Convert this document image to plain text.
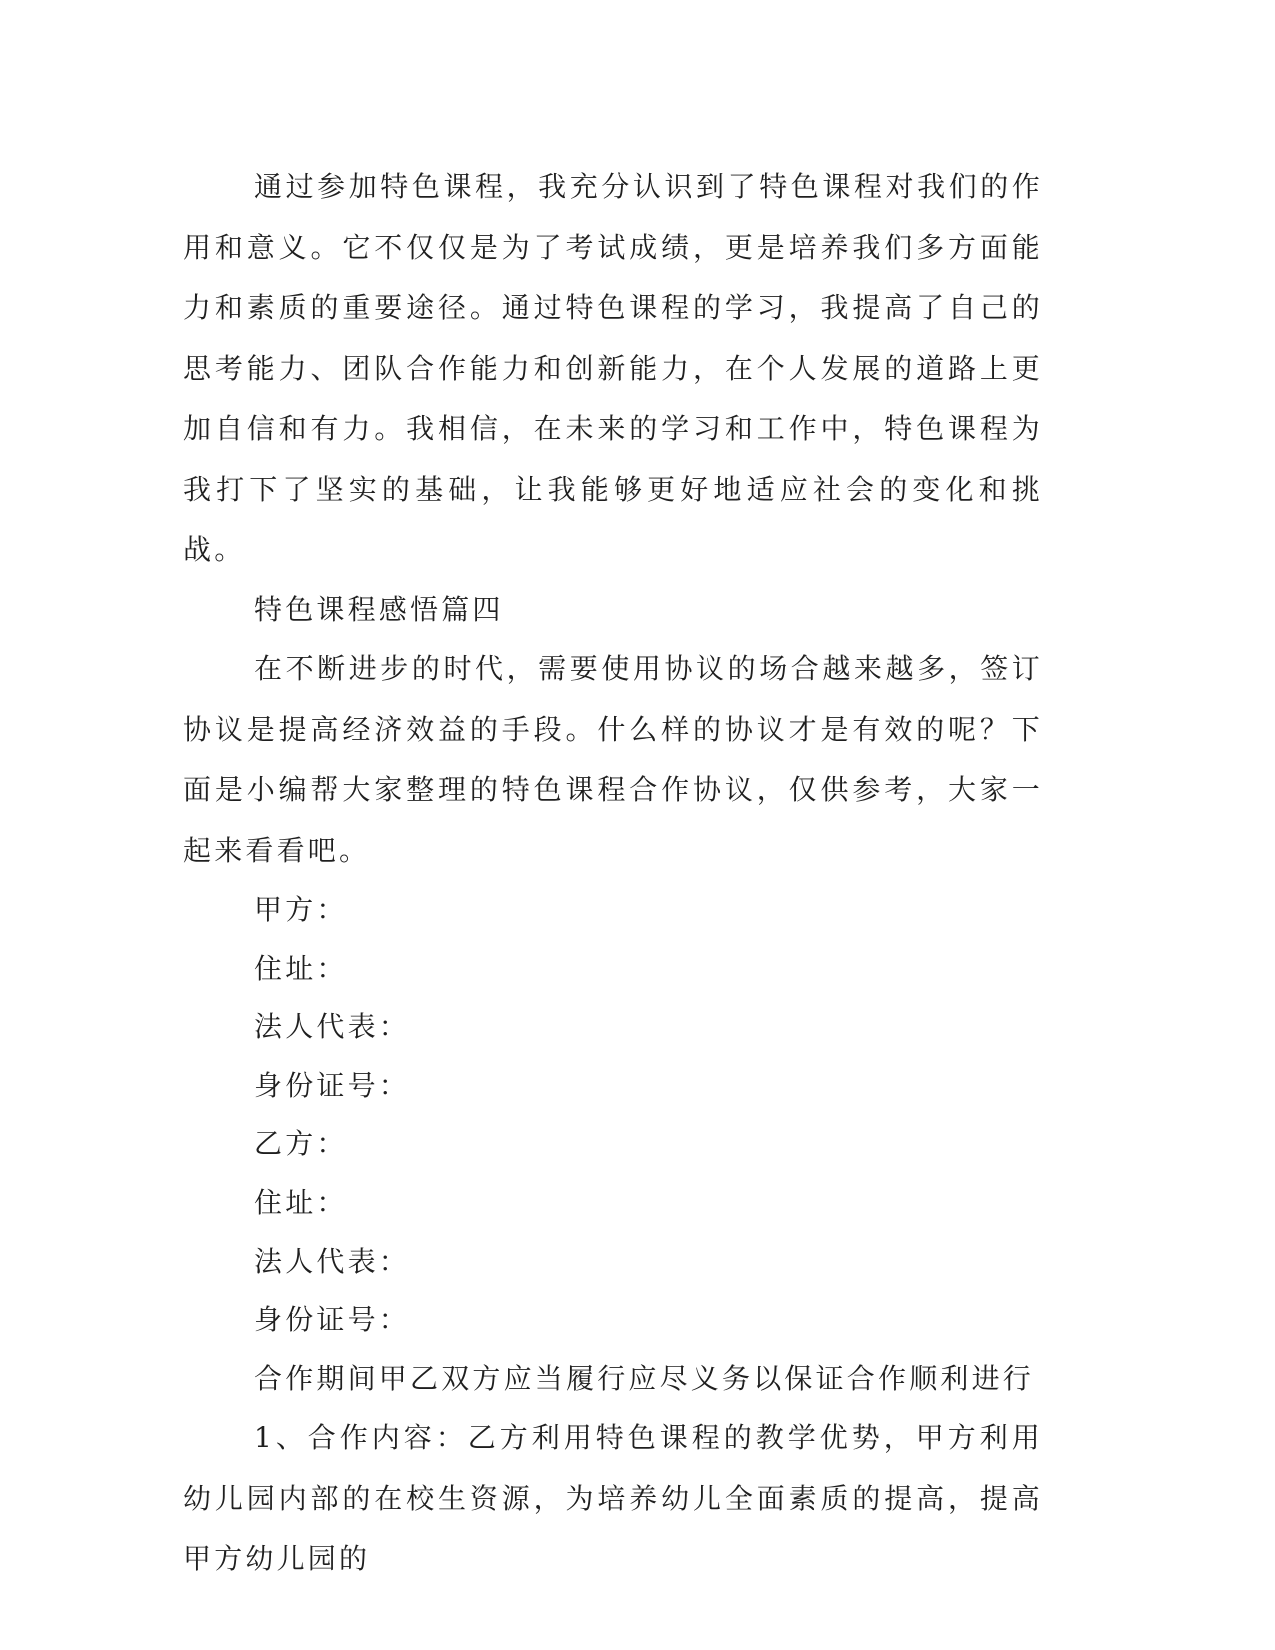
通过参加特色课程，我充分认识到了特色课程对我们的作用和意义。它不仅仅是为了考试成绩，更是培养我们多方面能力和素质的重要途径。通过特色课程的学习，我提高了自己的思考能力、团队合作能力和创新能力，在个人发展的道路上更加自信和有力。我相信，在未来的学习和工作中，特色课程为我打下了坚实的基础，让我能够更好地适应社会的变化和挑战。

特色课程感悟篇四

在不断进步的时代，需要使用协议的场合越来越多，签订协议是提高经济效益的手段。什么样的协议才是有效的呢？下面是小编帮大家整理的特色课程合作协议，仅供参考，大家一起来看看吧。

甲方：

住址：

法人代表：

身份证号：

乙方：

住址：

法人代表：

身份证号：

合作期间甲乙双方应当履行应尽义务以保证合作顺利进行

1、合作内容：乙方利用特色课程的教学优势，甲方利用幼儿园内部的在校生资源，为培养幼儿全面素质的提高，提高甲方幼儿园的
